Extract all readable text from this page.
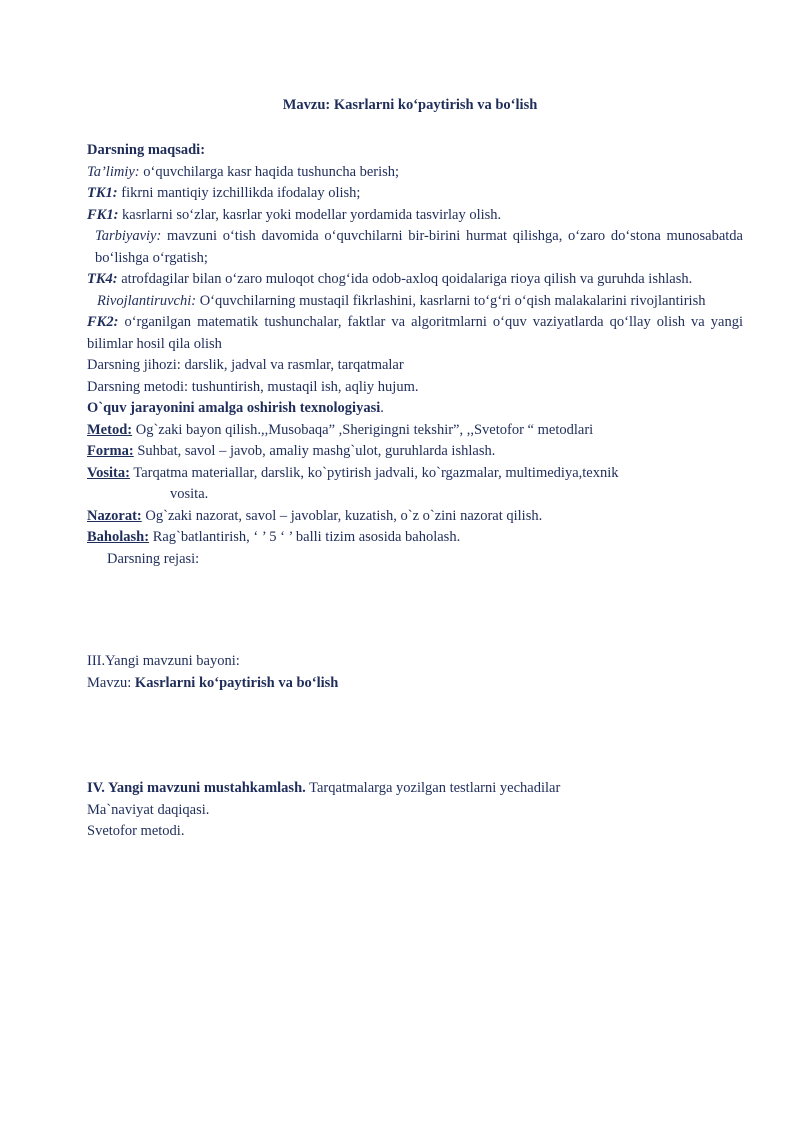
Mavzu: Kasrlarni ko‘paytirish va bo‘lish

Darsning maqsadi:

Ta’limiy: o‘quvchilarga kasr haqida tushuncha berish;

TK1: fikrni mantiqiy izchillikda ifodalay olish;

FK1: kasrlarni so‘zlar, kasrlar yoki modellar yordamida tasvirlay olish.

Tarbiyaviy: mavzuni o‘tish davomida o‘quvchilarni bir-birini hurmat qilishga, o‘zaro do‘stona munosabatda bo‘lishga o‘rgatish;

TK4: atrofdagilar bilan o‘zaro muloqot chog‘ida odob-axloq qoidalariga rioya qilish va guruhda ishlash.

Rivojlantiruvchi: O‘quvchilarning mustaqil fikrlashini, kasrlarni to‘g‘ri o‘qish malakalarini rivojlantirish

FK2: o‘rganilgan matematik tushunchalar, faktlar va algoritmlarni o‘quv vaziyatlarda qo‘llay olish va yangi bilimlar hosil qila olish

Darsning jihozi: darslik, jadval va rasmlar, tarqatmalar

Darsning metodi: tushuntirish, mustaqil ish, aqliy hujum.

O`quv jarayonini amalga oshirish texnologiyasi.

Metod: Og`zaki bayon qilish.,,Musobaqa” ,Sherigingni tekshir”, ,,Svetofor “ metodlari

Forma: Suhbat, savol – javob, amaliy mashg`ulot, guruhlarda ishlash.

Vosita: Tarqatma materiallar, darslik, ko`pytirish jadvali, ko`rgazmalar, multimediya,texnik

vosita.

Nazorat: Og`zaki nazorat, savol – javoblar, kuzatish, o`z o`zini nazorat qilish.

Baholash: Rag`batlantirish, ‘ ’ 5 ‘ ’ balli tizim asosida baholash.

Darsning rejasi:

III.Yangi mavzuni bayoni:

Mavzu: Kasrlarni ko‘paytirish va bo‘lish

IV. Yangi mavzuni mustahkamlash. Tarqatmalarga yozilgan testlarni yechadilar

Ma`naviyat daqiqasi.

Svetofor metodi.
